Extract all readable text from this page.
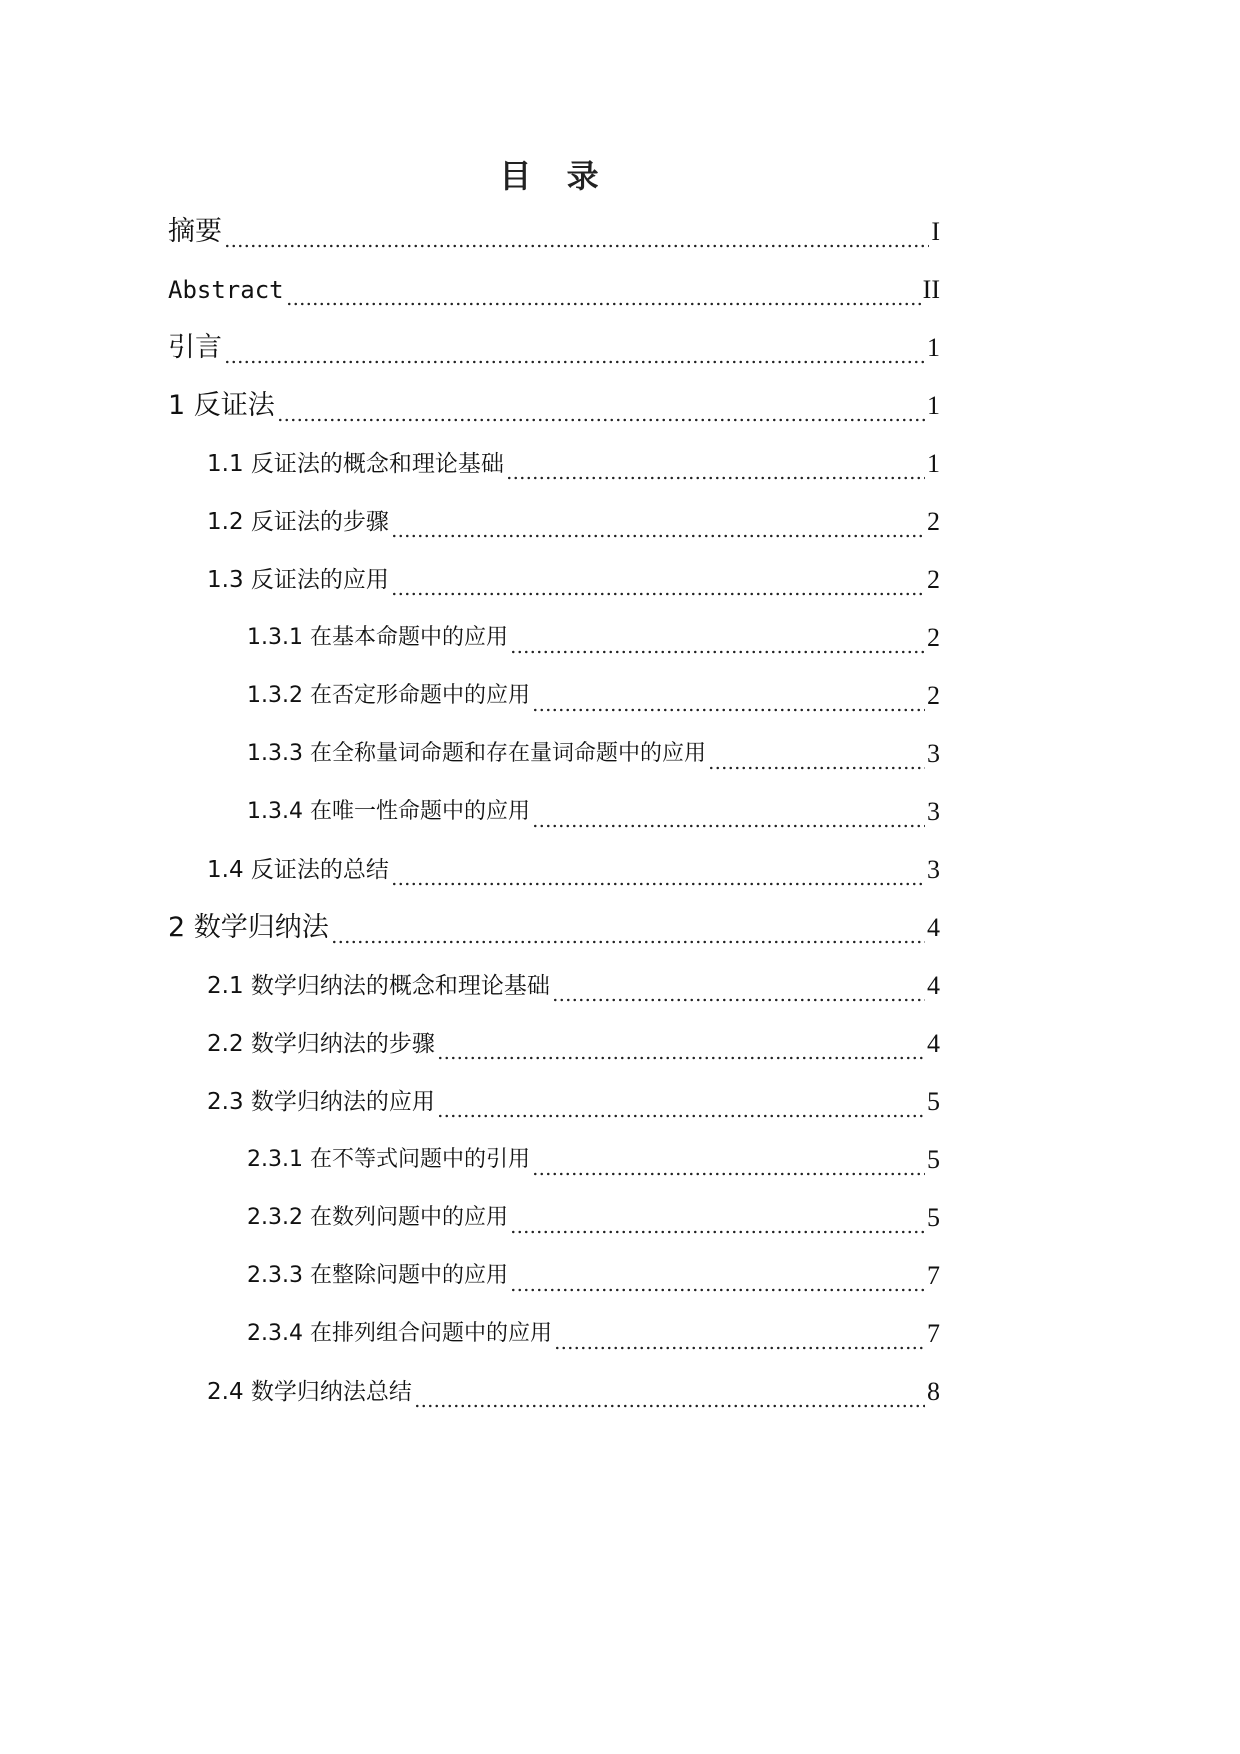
目 录
摘要	I
Abstract	II
引言	1
1 反证法	1
1.1 反证法的概念和理论基础	1
1.2 反证法的步骤	2
1.3 反证法的应用	2
1.3.1 在基本命题中的应用	2
1.3.2 在否定形命题中的应用	2
1.3.3 在全称量词命题和存在量词命题中的应用	3
1.3.4 在唯一性命题中的应用	3
1.4 反证法的总结	3
2 数学归纳法	4
2.1 数学归纳法的概念和理论基础	4
2.2 数学归纳法的步骤	4
2.3 数学归纳法的应用	5
2.3.1 在不等式问题中的引用	5
2.3.2 在数列问题中的应用	5
2.3.3 在整除问题中的应用	7
2.3.4 在排列组合问题中的应用	7
2.4 数学归纳法总结	8
